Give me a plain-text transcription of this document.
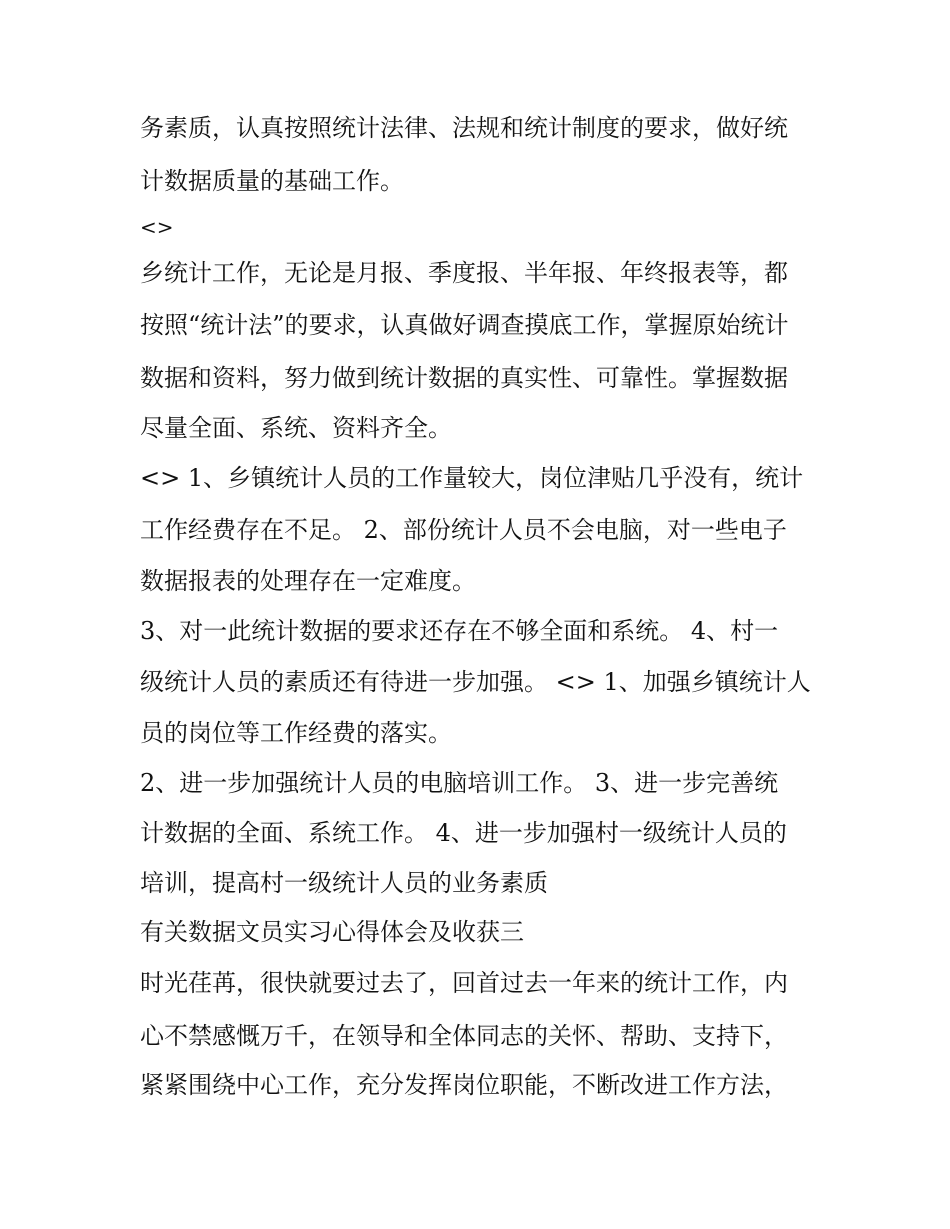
务素质，认真按照统计法律、法规和统计制度的要求，做好统

计数据质量的基础工作。

<>

乡统计工作，无论是月报、季度报、半年报、年终报表等，都

按照“统计法”的要求，认真做好调查摸底工作，掌握原始统计

数据和资料，努力做到统计数据的真实性、可靠性。掌握数据

尽量全面、系统、资料齐全。

<> 1、乡镇统计人员的工作量较大，岗位津贴几乎没有，统计

工作经费存在不足。 2、部份统计人员不会电脑，对一些电子

数据报表的处理存在一定难度。

3、对一此统计数据的要求还存在不够全面和系统。 4、村一

级统计人员的素质还有待进一步加强。 <> 1、加强乡镇统计人

员的岗位等工作经费的落实。

2、进一步加强统计人员的电脑培训工作。 3、进一步完善统

计数据的全面、系统工作。 4、进一步加强村一级统计人员的

培训，提高村一级统计人员的业务素质

有关数据文员实习心得体会及收获三

时光荏苒，很快就要过去了，回首过去一年来的统计工作，内

心不禁感慨万千，在领导和全体同志的关怀、帮助、支持下，

紧紧围绕中心工作，充分发挥岗位职能，不断改进工作方法，
